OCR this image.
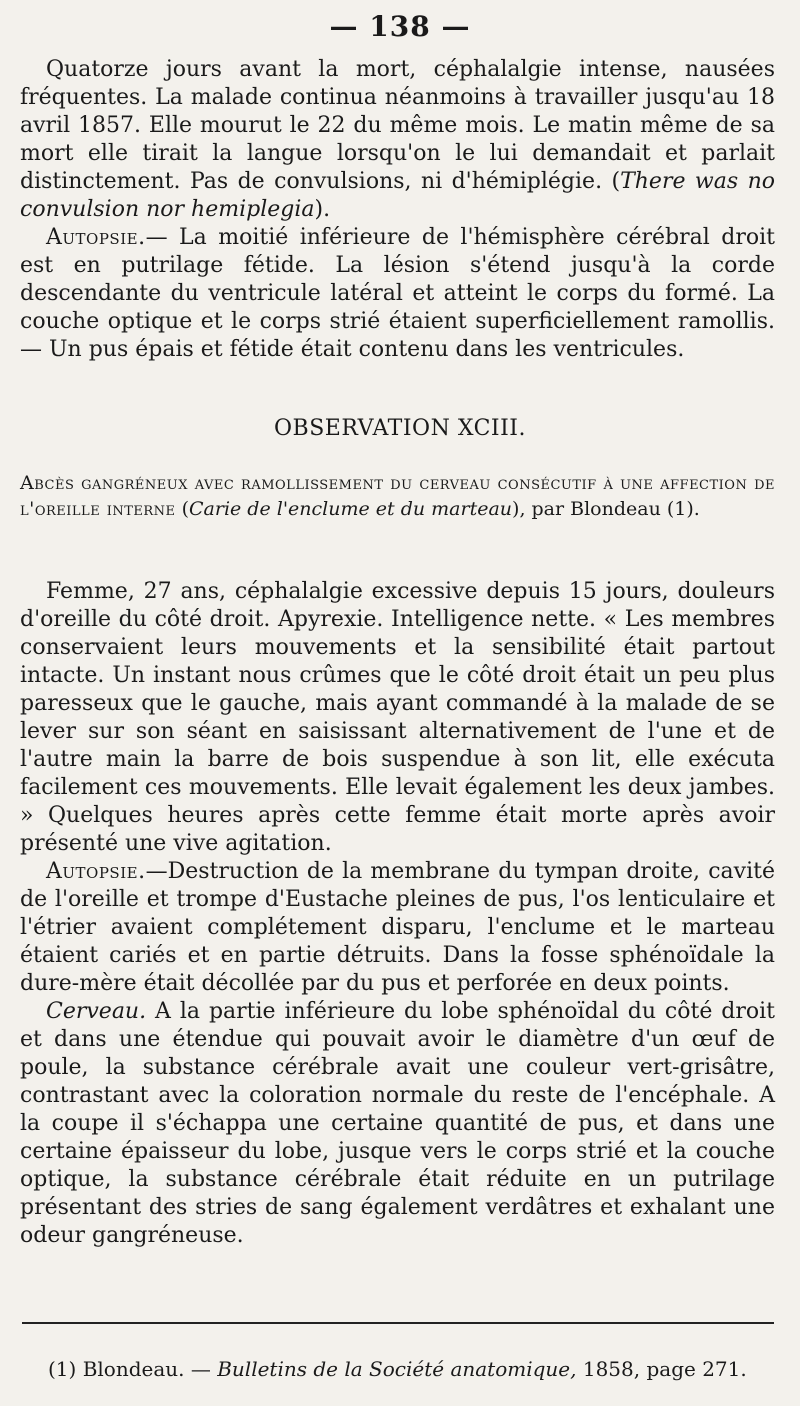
— 138 —

Quatorze jours avant la mort, céphalalgie intense, nausées fréquentes. La malade continua néanmoins à travailler jusqu'au 18 avril 1857. Elle mourut le 22 du même mois. Le matin même de sa mort elle tirait la langue lorsqu'on le lui demandait et parlait distinctement. Pas de convulsions, ni d'hémiplégie. (There was no convulsion nor hemiplegia).

Autopsie.— La moitié inférieure de l'hémisphère cérébral droit est en putrilage fétide. La lésion s'étend jusqu'à la corde descendante du ventricule latéral et atteint le corps du formé. La couche optique et le corps strié étaient superficiellement ramollis. — Un pus épais et fétide était contenu dans les ventricules.

OBSERVATION XCIII.
Abcès gangréneux avec ramollissement du cerveau consécutif à une affection de l'oreille interne (Carie de l'enclume et du marteau), par Blondeau (1).

Femme, 27 ans, céphalalgie excessive depuis 15 jours, douleurs d'oreille du côté droit. Apyrexie. Intelligence nette. « Les membres conservaient leurs mouvements et la sensibilité était partout intacte. Un instant nous crûmes que le côté droit était un peu plus paresseux que le gauche, mais ayant commandé à la malade de se lever sur son séant en saisissant alternativement de l'une et de l'autre main la barre de bois suspendue à son lit, elle exécuta facilement ces mouvements. Elle levait également les deux jambes. » Quelques heures après cette femme était morte après avoir présenté une vive agitation.

Autopsie.—Destruction de la membrane du tympan droite, cavité de l'oreille et trompe d'Eustache pleines de pus, l'os lenticulaire et l'étrier avaient complétement disparu, l'enclume et le marteau étaient cariés et en partie détruits. Dans la fosse sphénoïdale la dure-mère était décollée par du pus et perforée en deux points.

Cerveau. A la partie inférieure du lobe sphénoïdal du côté droit et dans une étendue qui pouvait avoir le diamètre d'un œuf de poule, la substance cérébrale avait une couleur vert-grisâtre, contrastant avec la coloration normale du reste de l'encéphale. A la coupe il s'échappa une certaine quantité de pus, et dans une certaine épaisseur du lobe, jusque vers le corps strié et la couche optique, la substance cérébrale était réduite en un putrilage présentant des stries de sang également verdâtres et exhalant une odeur gangréneuse.

(1) Blondeau. — Bulletins de la Société anatomique, 1858, page 271.
